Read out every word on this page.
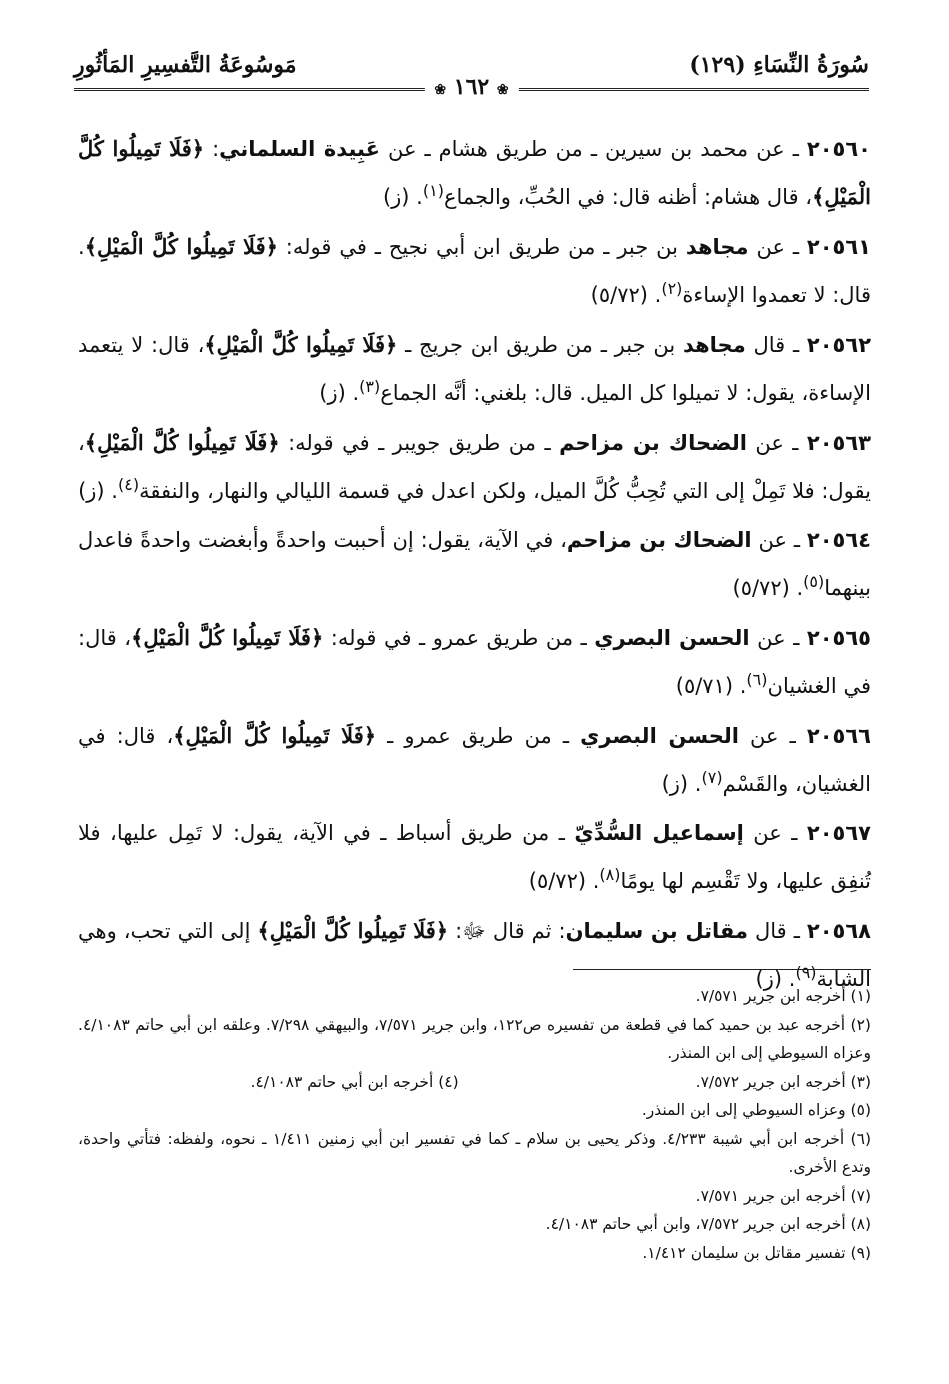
سُورَةُ النِّسَاءِ (١٢٩)
مَوسُوعَةُ التَّفسِيرِ المَأثُورِ
❀ ١٦٢ ❀

٢٠٥٦٠ ـ عن محمد بن سيرين ـ من طريق هشام ـ عن عَبِيدة السلماني: ﴿فَلَا تَمِيلُوا كُلَّ الْمَيْلِ﴾، قال هشام: أظنه قال: في الحُبِّ، والجماع$^{(١)}$. (ز)

٢٠٥٦١ ـ عن مجاهد بن جبر ـ من طريق ابن أبي نجيح ـ في قوله: ﴿فَلَا تَمِيلُوا كُلَّ الْمَيْلِ﴾. قال: لا تعمدوا الإساءة$^{(٢)}$. (٥/٧٢)

٢٠٥٦٢ ـ قال مجاهد بن جبر ـ من طريق ابن جريج ـ ﴿فَلَا تَمِيلُوا كُلَّ الْمَيْلِ﴾، قال: لا يتعمد الإساءة، يقول: لا تميلوا كل الميل. قال: بلغني: أنَّه الجماع$^{(٣)}$. (ز)

٢٠٥٦٣ ـ عن الضحاك بن مزاحم ـ من طريق جويبر ـ في قوله: ﴿فَلَا تَمِيلُوا كُلَّ الْمَيْلِ﴾، يقول: فلا تَمِلْ إلى التي تُحِبُّ كُلَّ الميل، ولكن اعدل في قسمة الليالي والنهار، والنفقة$^{(٤)}$. (ز)

٢٠٥٦٤ ـ عن الضحاك بن مزاحم، في الآية، يقول: إن أحببت واحدةً وأبغضت واحدةً فاعدل بينهما$^{(٥)}$. (٥/٧٢)

٢٠٥٦٥ ـ عن الحسن البصري ـ من طريق عمرو ـ في قوله: ﴿فَلَا تَمِيلُوا كُلَّ الْمَيْلِ﴾، قال: في الغشيان$^{(٦)}$. (٥/٧١)

٢٠٥٦٦ ـ عن الحسن البصري ـ من طريق عمرو ـ ﴿فَلَا تَمِيلُوا كُلَّ الْمَيْلِ﴾، قال: في الغشيان، والقَسْم$^{(٧)}$. (ز)

٢٠٥٦٧ ـ عن إسماعيل السُّدِّيّ ـ من طريق أسباط ـ في الآية، يقول: لا تَمِل عليها، فلا تُنفِق عليها، ولا تَقْسِم لها يومًا$^{(٨)}$. (٥/٧٢)

٢٠٥٦٨ ـ قال مقاتل بن سليمان: ثم قال ﷻ: ﴿فَلَا تَمِيلُوا كُلَّ الْمَيْلِ﴾ إلى التي تحب، وهي الشابة$^{(٩)}$. (ز)

(١) أخرجه ابن جرير ٧/٥٧١.

(٢) أخرجه عبد بن حميد كما في قطعة من تفسيره ص١٢٢، وابن جرير ٧/٥٧١، والبيهقي ٧/٢٩٨. وعلقه ابن أبي حاتم ٤/١٠٨٣. وعزاه السيوطي إلى ابن المنذر.

(٣) أخرجه ابن جرير ٧/٥٧٢.

(٤) أخرجه ابن أبي حاتم ٤/١٠٨٣.

(٥) وعزاه السيوطي إلى ابن المنذر.

(٦) أخرجه ابن أبي شيبة ٤/٢٣٣. وذكر يحيى بن سلام ـ كما في تفسير ابن أبي زمنين ١/٤١١ ـ نحوه، ولفظه: فتأتي واحدة، وتدع الأخرى.

(٧) أخرجه ابن جرير ٧/٥٧١.

(٨) أخرجه ابن جرير ٧/٥٧٢، وابن أبي حاتم ٤/١٠٨٣.

(٩) تفسير مقاتل بن سليمان ١/٤١٢.
